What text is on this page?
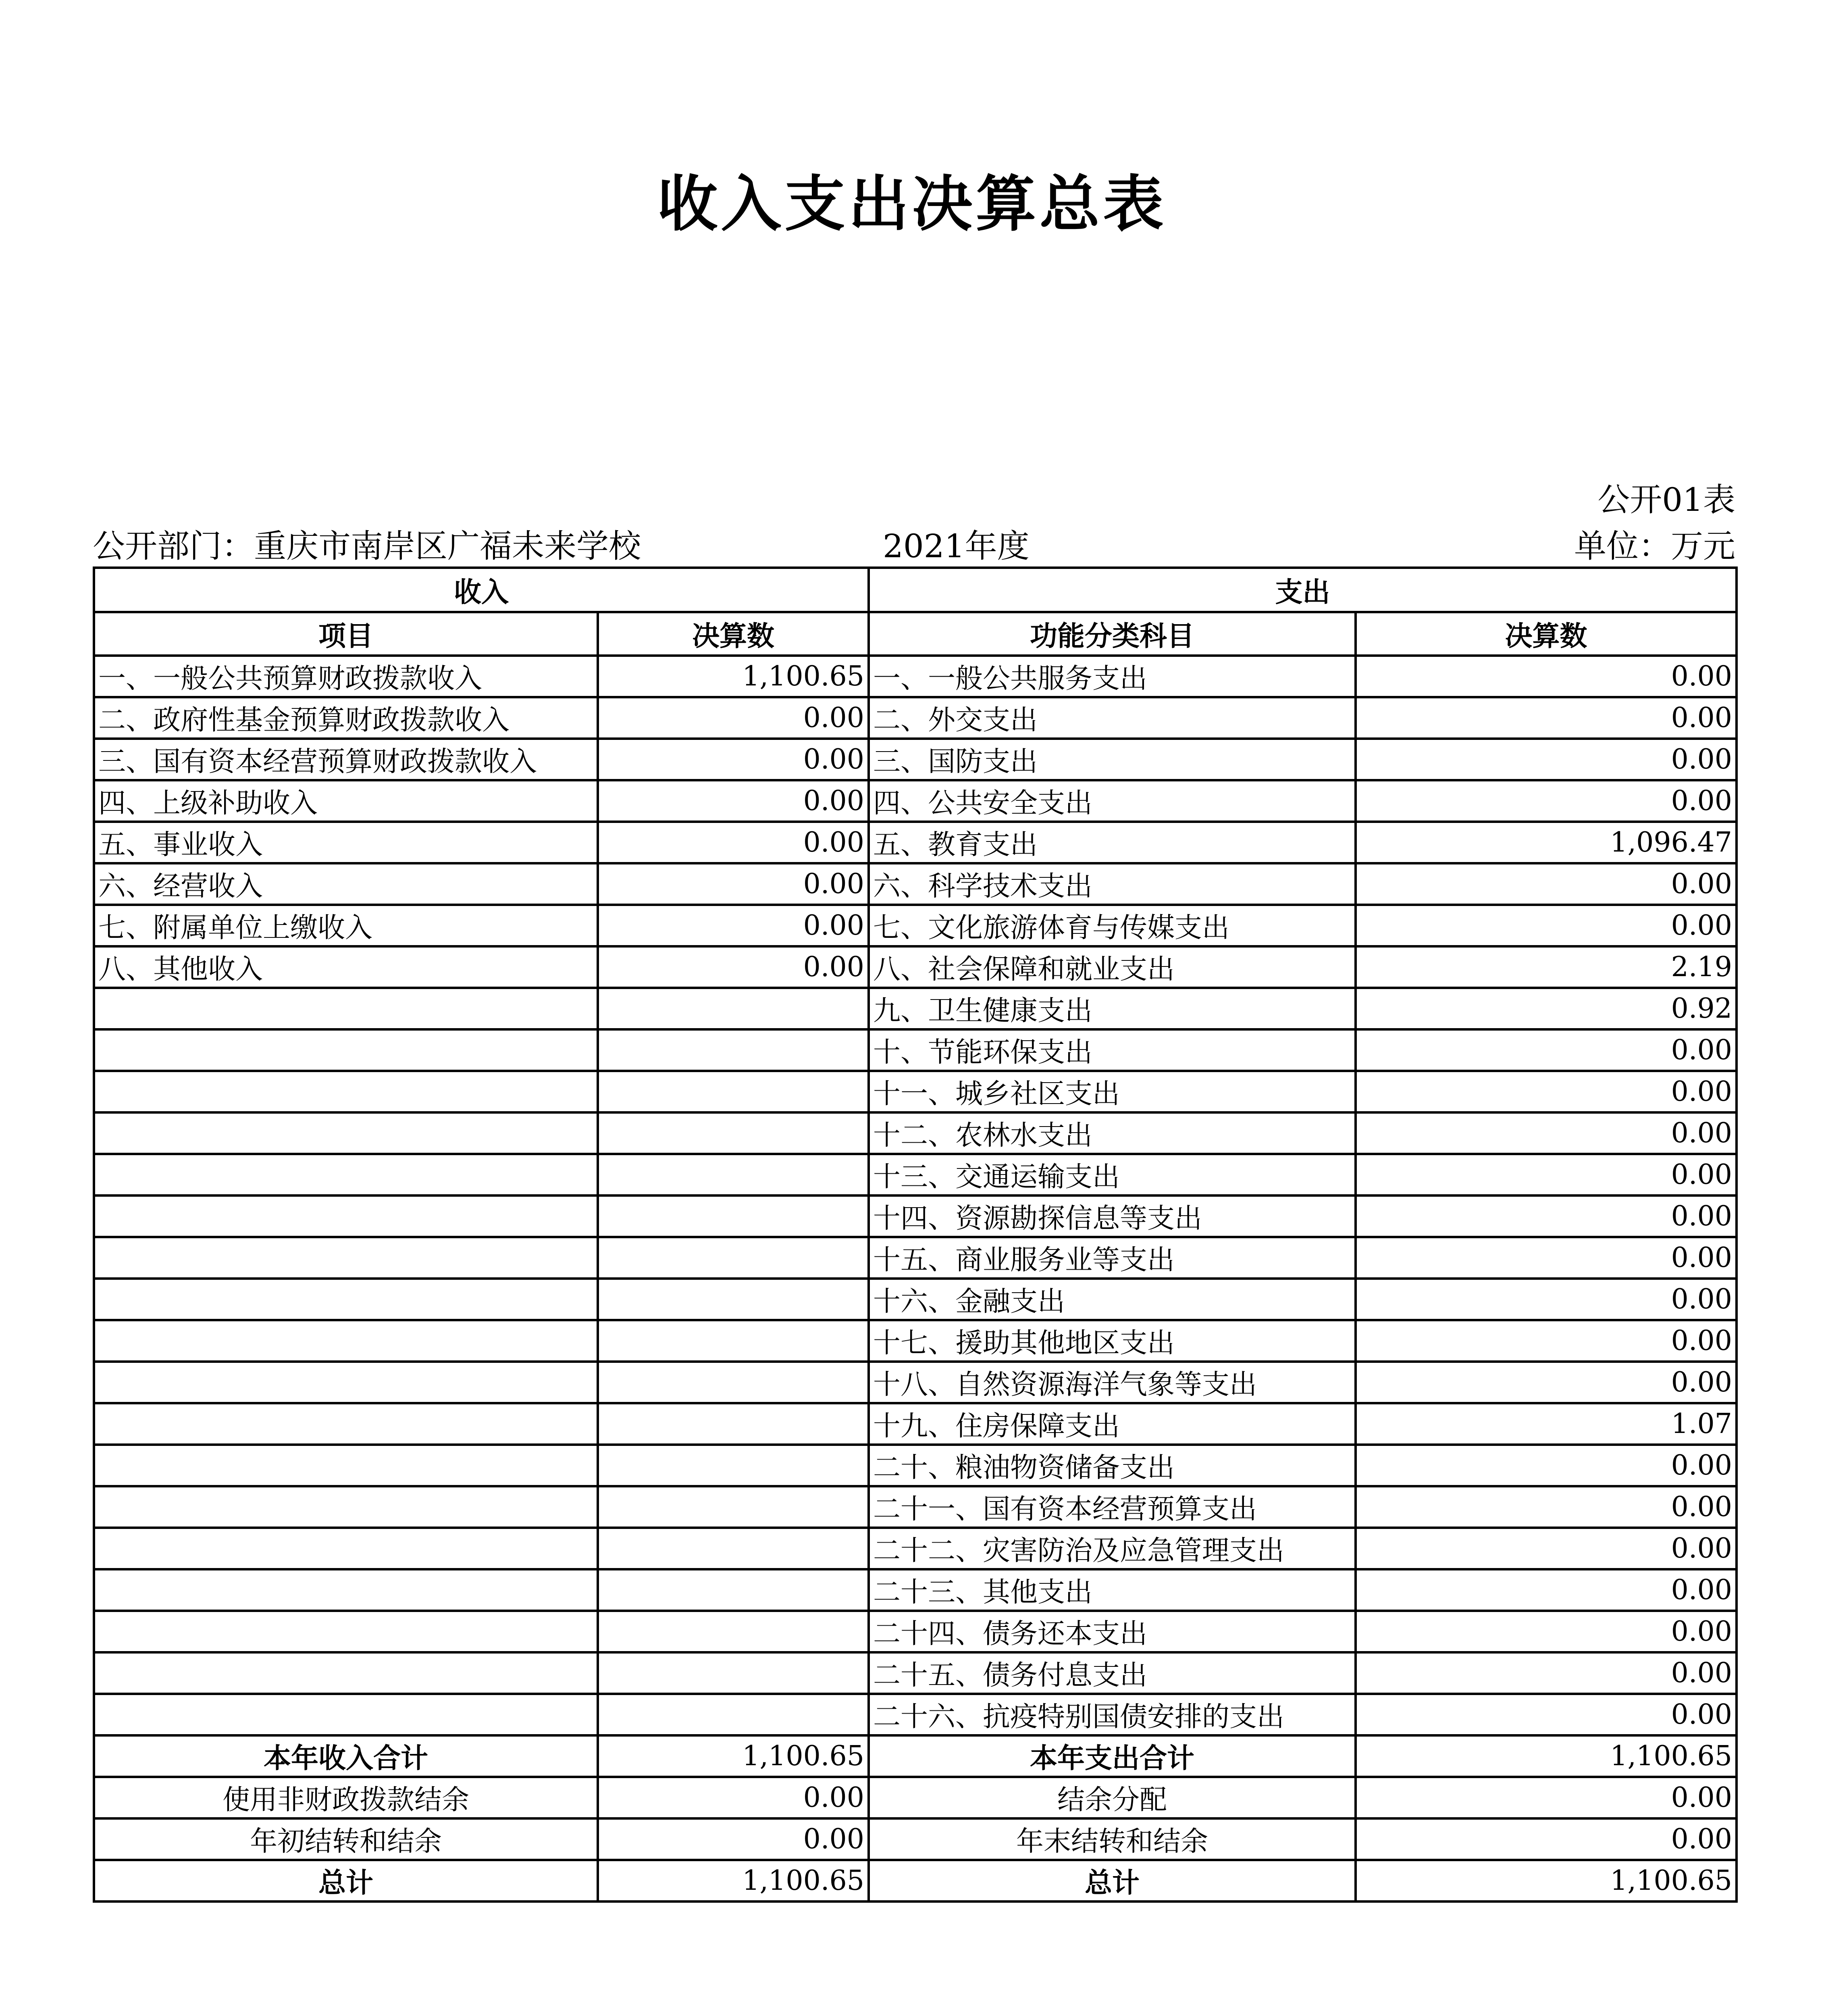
收入支出决算总表
公开01表
公开部门：重庆市南岸区广福未来学校	2021年度	单位：万元
收入		支出	
项目	决算数	功能分类科目	决算数
一、一般公共预算财政拨款收入	1,100.65	一、一般公共服务支出	0.00
二、政府性基金预算财政拨款收入	0.00	二、外交支出	0.00
三、国有资本经营预算财政拨款收入	0.00	三、国防支出	0.00
四、上级补助收入	0.00	四、公共安全支出	0.00
五、事业收入	0.00	五、教育支出	1,096.47
六、经营收入	0.00	六、科学技术支出	0.00
七、附属单位上缴收入	0.00	七、文化旅游体育与传媒支出	0.00
八、其他收入	0.00	八、社会保障和就业支出	2.19
		九、卫生健康支出	0.92
		十、节能环保支出	0.00
		十一、城乡社区支出	0.00
		十二、农林水支出	0.00
		十三、交通运输支出	0.00
		十四、资源勘探信息等支出	0.00
		十五、商业服务业等支出	0.00
		十六、金融支出	0.00
		十七、援助其他地区支出	0.00
		十八、自然资源海洋气象等支出	0.00
		十九、住房保障支出	1.07
		二十、粮油物资储备支出	0.00
		二十一、国有资本经营预算支出	0.00
		二十二、灾害防治及应急管理支出	0.00
		二十三、其他支出	0.00
		二十四、债务还本支出	0.00
		二十五、债务付息支出	0.00
		二十六、抗疫特别国债安排的支出	0.00
本年收入合计	1,100.65	本年支出合计	1,100.65
使用非财政拨款结余	0.00	结余分配	0.00
年初结转和结余	0.00	年末结转和结余	0.00
总计	1,100.65	总计	1,100.65
